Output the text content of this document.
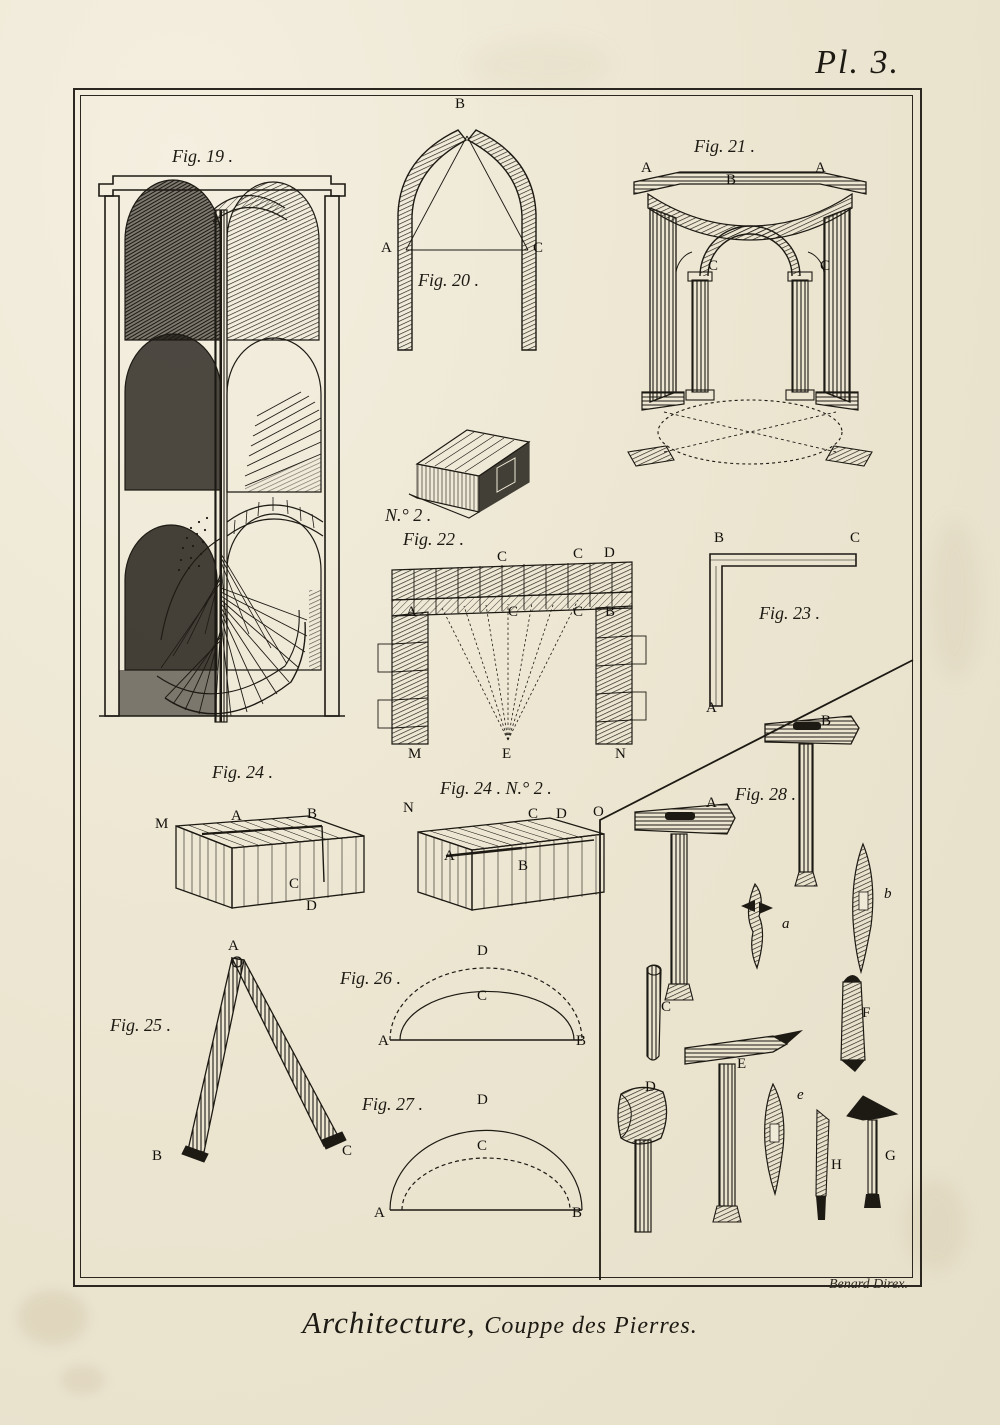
Pl. 3.
Fig. 19 .
B
A	C
Fig. 20 .
Fig. 21 .
A
B
A
C	C
N.° 2 .
Fig. 22 .
C	C D
A	C	C B
M	E	N
B	C
A
Fig. 23 .
Fig. 24 .
M	A	B
C
D
Fig. 24 . N.° 2 .
N	C D O
A
B
A
B	C
Fig. 25 .
Fig. 26 .
D
C
A	B
Fig. 27 .	D
C
A	B
Fig. 28 .
A
B
a
b
C
D
E
F
G
H
e
Benard Direx.
Architecture, Couppe des Pierres.
